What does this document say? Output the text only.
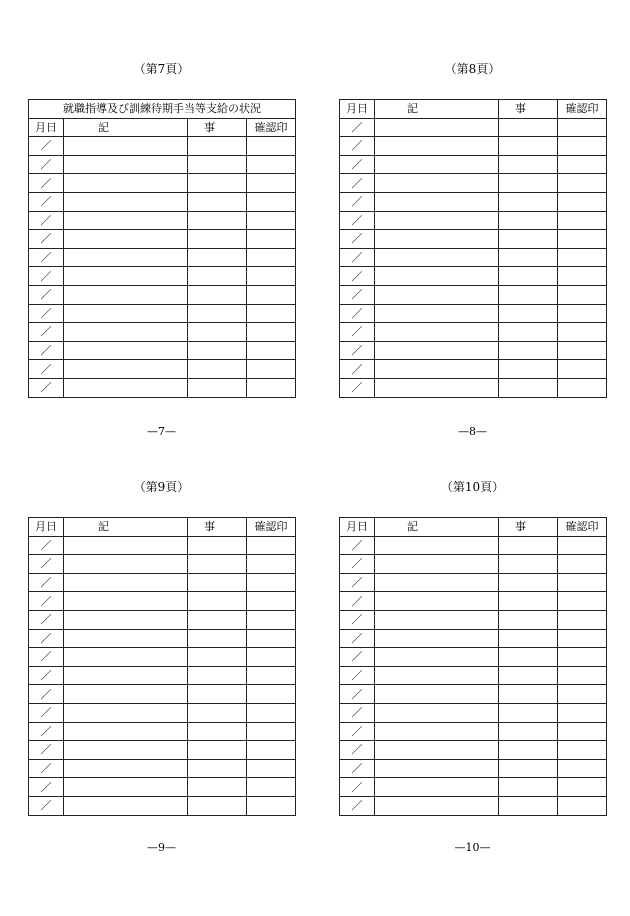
（第7頁）
就職指導及び訓練待期手当等支給の状況			
月日	記	事	確認印
／			
／			
／			
／			
／			
／			
／			
／			
／			
／			
／			
／			
／			
／			
—7—
（第8頁）
月日	記	事	確認印
／			
／			
／			
／			
／			
／			
／			
／			
／			
／			
／			
／			
／			
／			
／			
—8—
（第9頁）
月日	記	事	確認印
／			
／			
／			
／			
／			
／			
／			
／			
／			
／			
／			
／			
／			
／			
／			
—9—
（第10頁）
月日	記	事	確認印
／			
／			
／			
／			
／			
／			
／			
／			
／			
／			
／			
／			
／			
／			
／			
—10—
